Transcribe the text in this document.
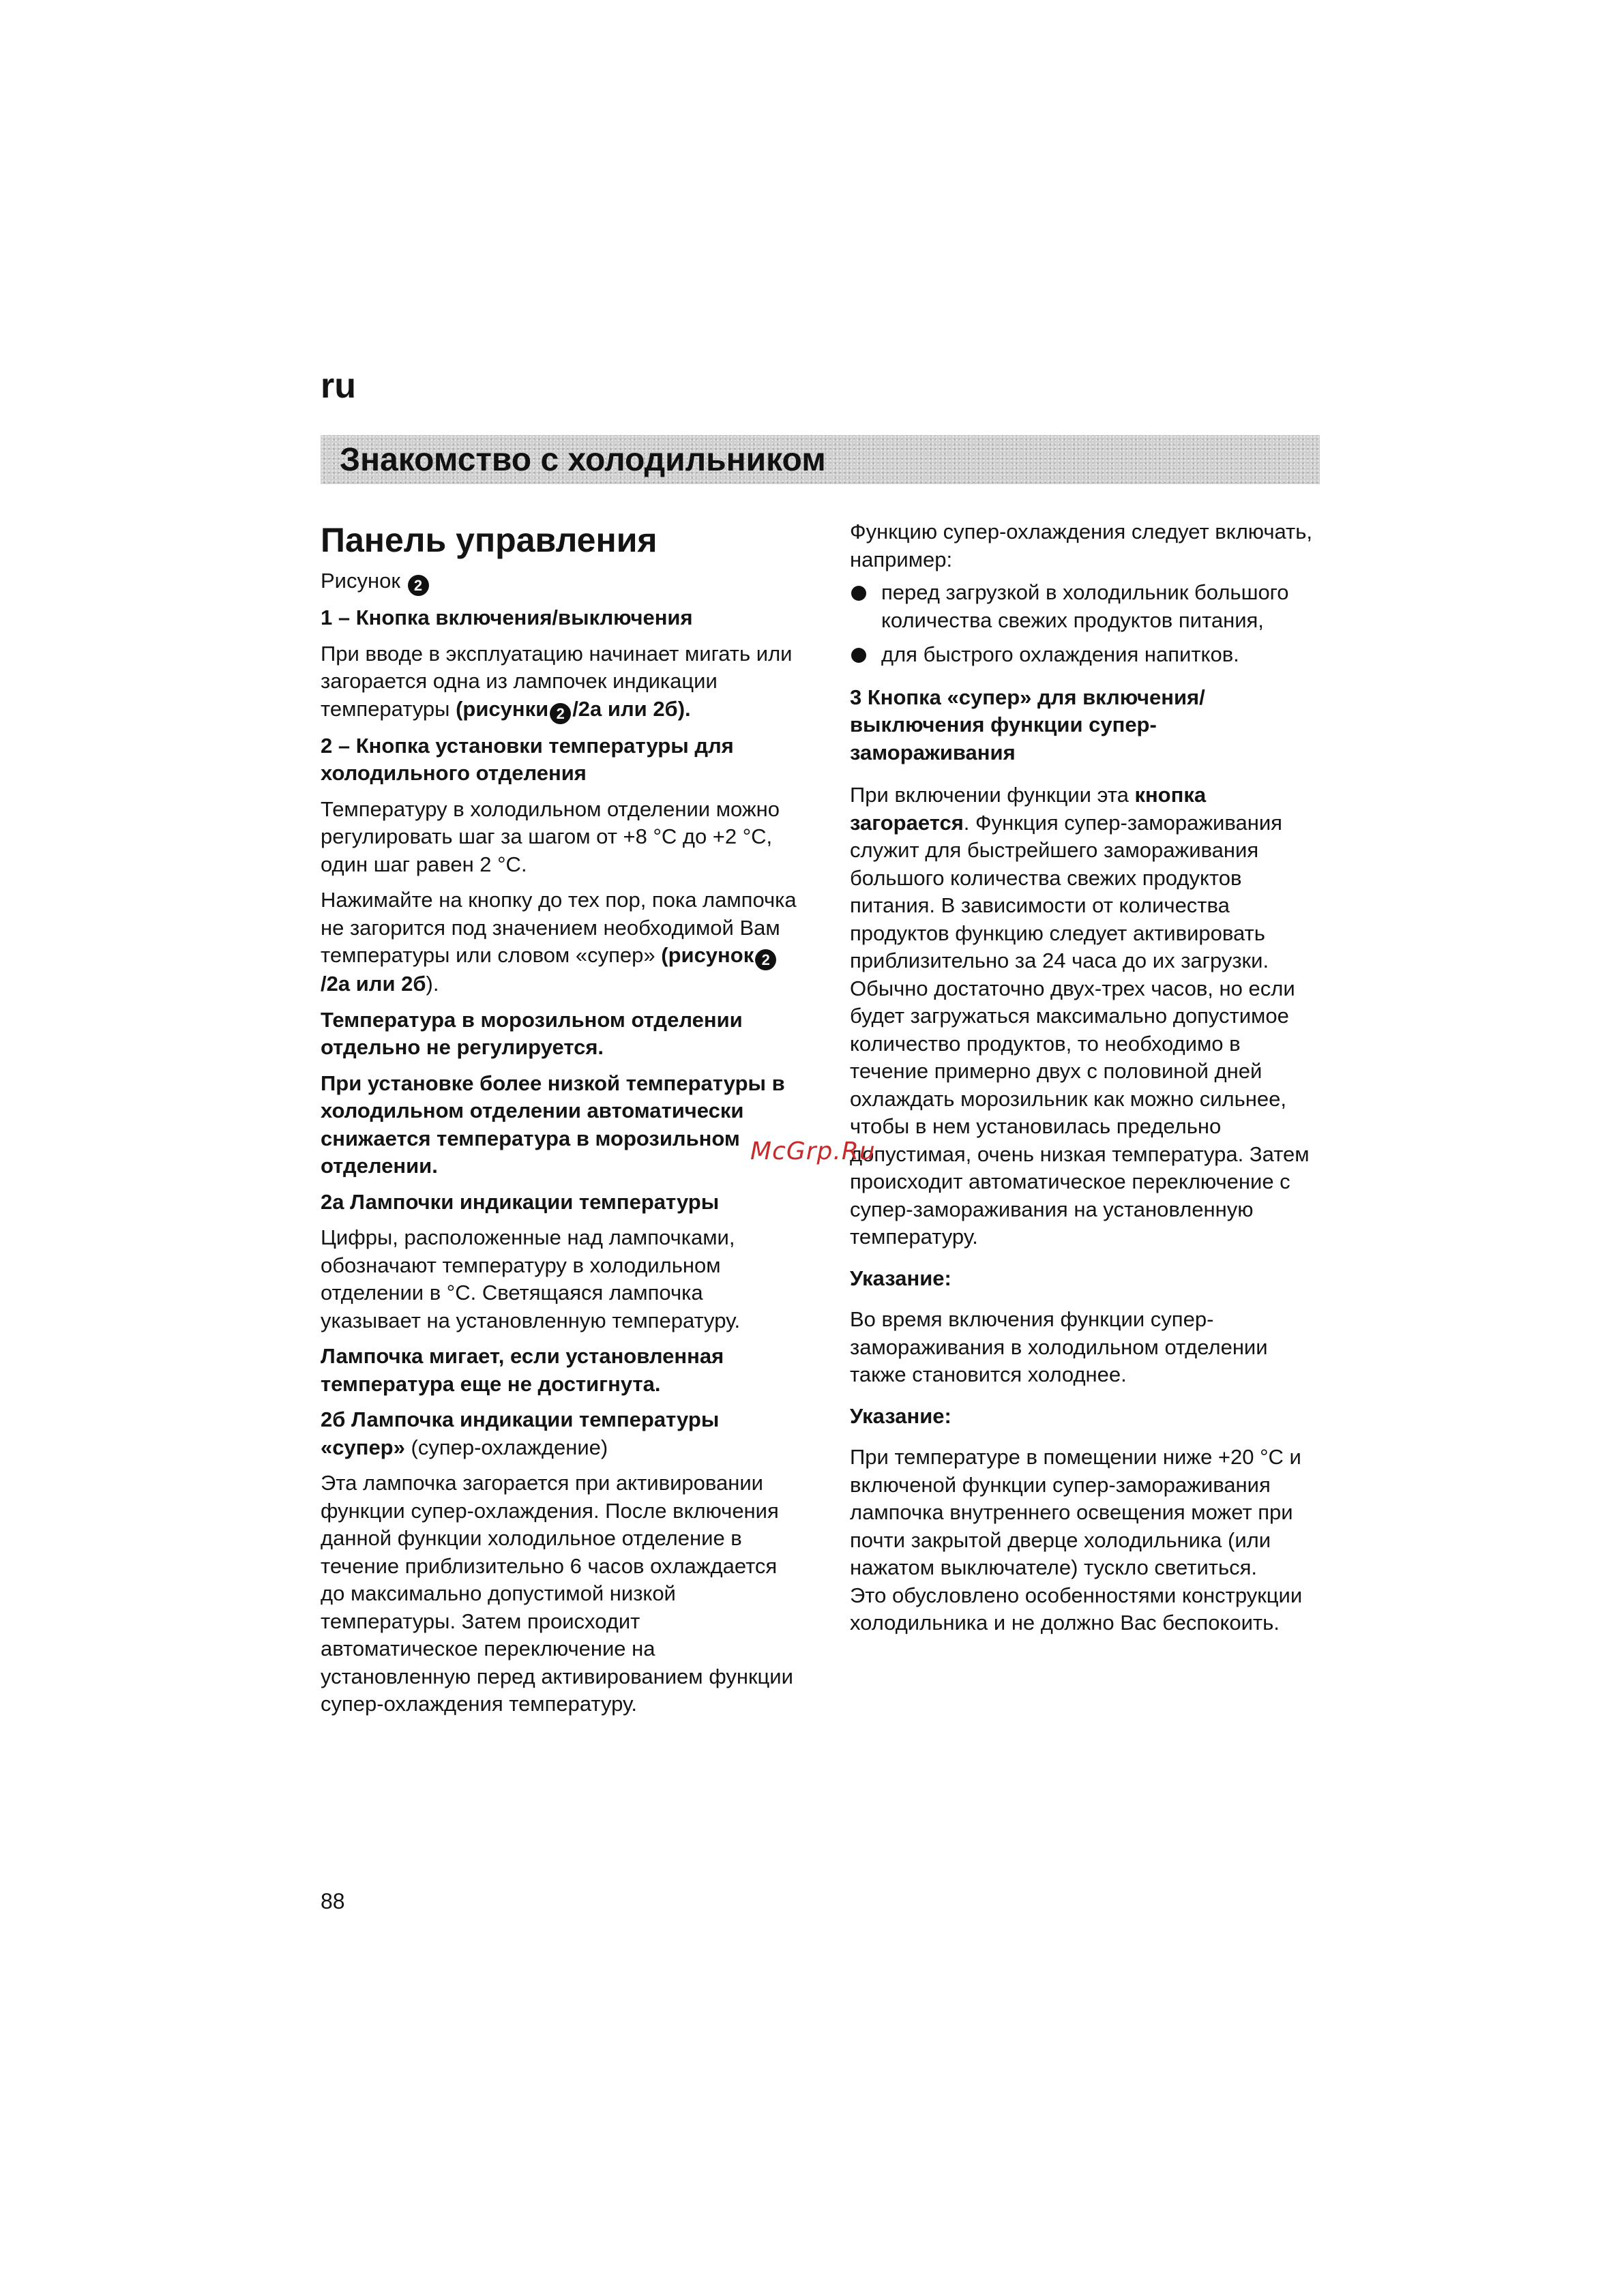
ru
Знакомство с холодильником
Панель управления

Рисунок 2

1 – Кнопка включения/выключения

При вводе в эксплуатацию начинает мигать или загорается одна из лампочек индикации температуры (рисунки 2 /2a или 2б).

2 – Кнопка установки температуры для холодильного отделения

Температуру в холодильном отделении можно регулировать шаг за шагом от +8 °C до +2 °C, один шаг равен 2 °C.

Нажимайте на кнопку до тех пор, пока лампочка не загорится под значением необходимой Вам температуры или словом «супер» (рисунок 2/2a или 2б).

Температура в морозильном отделении отдельно не регулируется.

При установке более низкой температуры в холодильном отделении автоматически снижается температура в морозильном отделении.

2a Лампочки индикации температуры

Цифры, расположенные над лампочками, обозначают температуру в холодильном отделении в °C. Светящаяся лампочка указывает на установленную температуру.

Лампочка мигает, если установленная температура еще не достигнута.

2б Лампочка индикации температуры «супер» (супер-охлаждение)

Эта лампочка загорается при активировании функции супер-охлаждения. После включения данной функции холодильное отделение в течение приблизительно 6 часов охлаждается до максимально допустимой низкой температуры. Затем происходит автоматическое переключение на установленную перед активированием функции супер-охлаждения температуру.

Функцию супер-охлаждения следует включать, например:

перед загрузкой в холодильник большого количества свежих продуктов питания,
для быстрого охлаждения напитков.

3 Кнопка «супер» для включения/выключения функции супер-замораживания

При включении функции эта кнопка загорается. Функция супер-замораживания служит для быстрейшего замораживания большого количества свежих продуктов питания. В зависимости от количества продуктов функцию следует активировать приблизительно за 24 часа до их загрузки. Обычно достаточно двух-трех часов, но если будет загружаться максимально допустимое количество продуктов, то необходимо в течение примерно двух с половиной дней охлаждать морозильник как можно сильнее, чтобы в нем установилась предельно допустимая, очень низкая температура. Затем происходит автоматическое переключение с супер-замораживания на установленную температуру.

Указание:

Во время включения функции супер-замораживания в холодильном отделении также становится холоднее.

Указание:

При температуре в помещении ниже +20 °C и включеной функции супер-замораживания лампочка внутреннего освещения может при почти закрытой дверце холодильника (или нажатом выключателе) тускло светиться.

Это обусловлено особенностями конструкции холодильника и не должно Вас беспокоить.

McGrp.Ru
88
